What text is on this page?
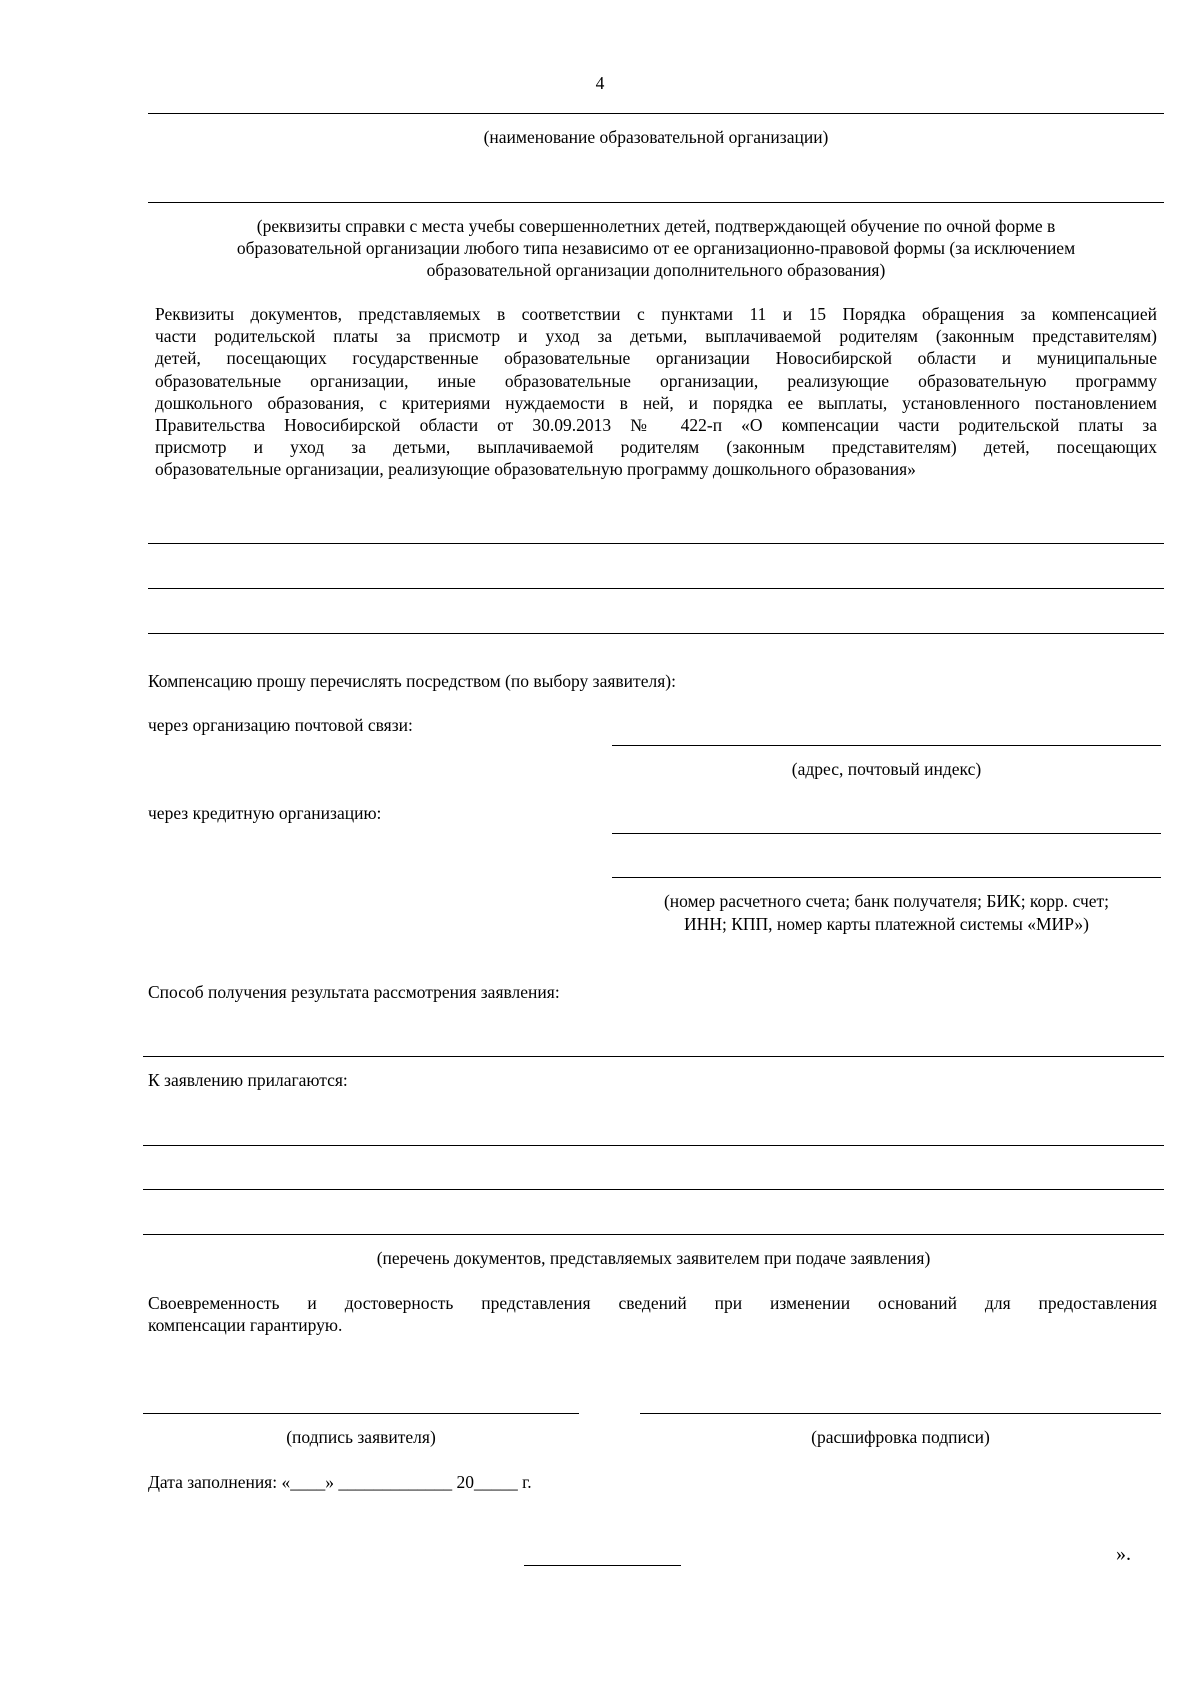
4
(наименование образовательной организации)
(реквизиты справки с места учебы совершеннолетних детей, подтверждающей обучение по очной форме в
образовательной организации любого типа независимо от ее организационно-правовой формы (за исключением
образовательной организации дополнительного образования)
Реквизиты документов, представляемых в соответствии с пунктами 11 и 15 Порядка обращения за компенсацией
части родительской платы за присмотр и уход за детьми, выплачиваемой родителям (законным представителям)
детей, посещающих государственные образовательные организации Новосибирской области и муниципальные
образовательные организации, иные образовательные организации, реализующие образовательную программу
дошкольного образования, с критериями нуждаемости в ней, и порядка ее выплаты, установленного постановлением
Правительства Новосибирской области от 30.09.2013 № 422-п «О компенсации части родительской платы за
присмотр и уход за детьми, выплачиваемой родителям (законным представителям) детей, посещающих
образовательные организации, реализующие образовательную программу дошкольного образования»
Компенсацию прошу перечислять посредством (по выбору заявителя):
через организацию почтовой связи:
(адрес, почтовый индекс)
через кредитную организацию:
(номер расчетного счета; банк получателя; БИК; корр. счет;
ИНН; КПП, номер карты платежной системы «МИР»)
Способ получения результата рассмотрения заявления:
К заявлению прилагаются:
(перечень документов, представляемых заявителем при подаче заявления)
Своевременность и достоверность представления сведений при изменении оснований для предоставления
компенсации гарантирую.
(подпись заявителя)	(расшифровка подписи)
Дата заполнения: «____» _____________ 20_____ г.
».
